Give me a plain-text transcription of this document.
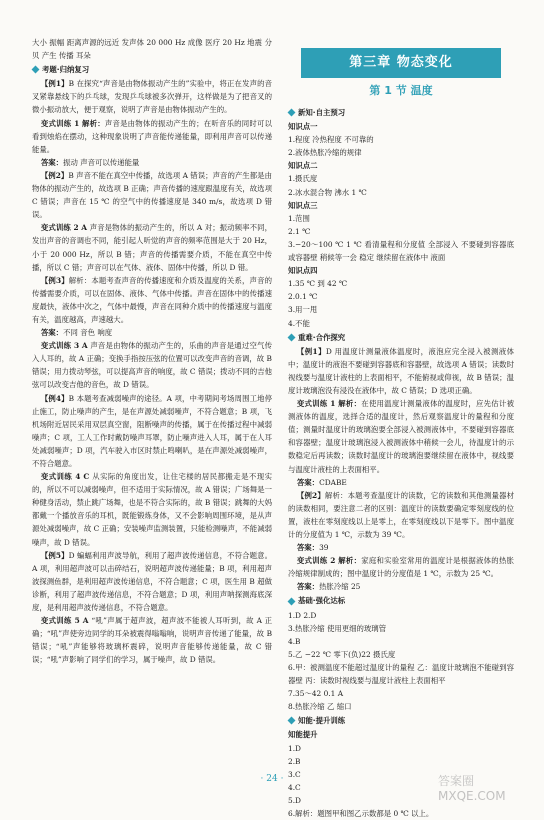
大小 振幅 距离声源的远近 发声体 20 000 Hz 成像 医疗 20 Hz 地震 分贝 产生 传播 耳朵

考题·归纳复习

【例1】B 在探究“声音是由物体振动产生的”实验中，将正在发声的音叉紧靠悬线下的乒乓球，发现乒乓球被多次弹开，这样做是为了把音叉的微小振动放大，便于观察，说明了声音是由物体振动产生的。

变式训练 1 解析：声音是由物体的振动产生的；在听音乐的同时可以看到烛焰在摆动，这种现象说明了声音能传递能量，即利用声音可以传递能量。

答案：振动 声音可以传递能量

【例2】B 声音不能在真空中传播，故选项 A 错误；声音的产生都是由物体的振动产生的，故选项 B 正确；声音传播的速度跟温度有关，故选项 C 错误；声音在 15 ℃ 的空气中的传播速度是 340 m/s，故选项 D 错误。

变式训练 2 A 声音是物体的振动产生的，所以 A 对；振动频率不同，发出声音的音调也不同，能引起人听觉的声音的频率范围是大于 20 Hz，小于 20 000 Hz，所以 B 错；声音的传播需要介质，不能在真空中传播，所以 C 错；声音可以在气体、液体、固体中传播，所以 D 错。

【例3】解析：本题考查声音的传播速度和介质及温度的关系，声音的传播需要介质，可以在固体、液体、气体中传播。声音在固体中的传播速度最快，液体中次之，气体中最慢，声音在同种介质中的传播速度与温度有关，温度越高，声速越大。

答案：不同 音色 响度

变式训练 3 A 声音是由物体的振动产生的，乐曲的声音是通过空气传入人耳的，故 A 正确；变换手指按压弦的位置可以改变声音的音调，故 B 错误；用力拨动琴弦，可以提高声音的响度，故 C 错误；拨动不同的吉他弦可以改变吉他的音色，故 D 错误。

【例4】B 本题考查减弱噪声的途径。A 项，中考期间考场周围工地停止施工，防止噪声的产生，是在声源处减弱噪声，不符合题意；B 项，飞机场附近居民采用双层真空窗，阻断噪声的传播，属于在传播过程中减弱噪声；C 项，工人工作时戴防噪声耳罩，防止噪声进入人耳，属于在人耳处减弱噪声；D 项，汽车驶入市区时禁止鸣喇叭，是在声源处减弱噪声，不符合题意。

变式训练 4 C 从实际的角度出发，让住宅楼的居民都搬走是不现实的，所以不可以减弱噪声，但不适用于实际情况，故 A 错误；广场舞是一种健身活动，禁止跳广场舞，也是不符合实际的，故 B 错误；跳舞的大妈都戴一个播放音乐的耳机，既能锻炼身体，又不会影响周围环境，是从声源处减弱噪声，故 C 正确；安装噪声监测装置，只能检测噪声，不能减弱噪声，故 D 错误。

【例5】D 蝙蝠利用声波导航，利用了超声波传递信息，不符合题意。A 项，利用超声波可以击碎结石，说明超声波传递能量；B 项，利用超声波探测鱼群，是利用超声波传递信息，不符合题意；C 项，医生用 B 超做诊断，利用了超声波传递信息，不符合题意；D 项，利用声呐探测海底深度，是利用超声波传递信息，不符合题意。

变式训练 5 A “吼”声属于超声波，超声波不能被人耳听到，故 A 正确；“吼”声使旁边同学的耳朵被震得嗡嗡响，说明声音传递了能量，故 B 错误；“吼”声能够将玻璃杯震碎，说明声音能够传递能量，故 C 错误；“吼”声影响了同学们的学习，属于噪声，故 D 错误。

第三章 物态变化
第 1 节 温度
新知·自主预习

知识点一

1.程度 冷热程度 不可靠的

2.液体热胀冷缩的规律

知识点二

1.摄氏度

2.冰水混合物 沸水 1 ℃

知识点三

1.范围

2.1 ℃

3.−20～100 ℃ 1 ℃ 看清量程和分度值 全部浸入 不要碰到容器底或容器壁 稍候等一会 稳定 继续留在液体中 液面

知识点四

1.35 ℃ 到 42 ℃

2.0.1 ℃

3.用一甩

4.不能

重难·合作探究

【例1】D 用温度计测量液体温度时，液泡应完全浸入被测液体中；温度计的液泡不要碰到容器底和容器壁，故选项 A 错误；读数时视线要与温度计液柱的上表面相平，不能俯视或仰视，故 B 错误；温度计玻璃泡没有浸没在液体中，故 C 错误；D 选项正确。

变式训练 1 解析：在使用温度计测量液体的温度时，应先估计被测液体的温度，选择合适的温度计，然后观察温度计的量程和分度值；测量时温度计的玻璃泡要全部浸入被测液体中，不要碰到容器底和容器壁；温度计玻璃泡浸入被测液体中稍候一会儿，待温度计的示数稳定后再读数；读数时温度计的玻璃泡要继续留在液体中，视线要与温度计液柱的上表面相平。

答案：CDABE

【例2】解析：本题考查温度计的读数，它的读数和其他测量器材的读数相同，要注意二者的区别：温度计的读数要确定零刻度线的位置，液柱在零刻度线以上是零上，在零刻度线以下是零下。图中温度计的分度值为 1 ℃，示数为 39 ℃。

答案：39

变式训练 2 解析：家庭和实验室常用的温度计是根据液体的热胀冷缩规律制成的；图中温度计的分度值是 1 ℃，示数为 25 ℃。

答案：热胀冷缩 25

基础·强化达标

1.D 2.D

3.热胀冷缩 使用更细的玻璃管

4.B

5.乙 −22 ℃ 零下(负)22 摄氏度

6.甲：被测温度不能超过温度计的量程 乙：温度计玻璃泡不能碰到容器壁 丙：读数时视线要与温度计液柱上表面相平

7.35～42 0.1 A

8.热胀冷缩 乙 缩口

知能·提升训练

知能提升

1.D

2.B

3.C

4.C

5.D

6.解析：题图甲和图乙示数都是 0 ℃ 以上。

· 24 ·	答案圈 MXQE.COM
